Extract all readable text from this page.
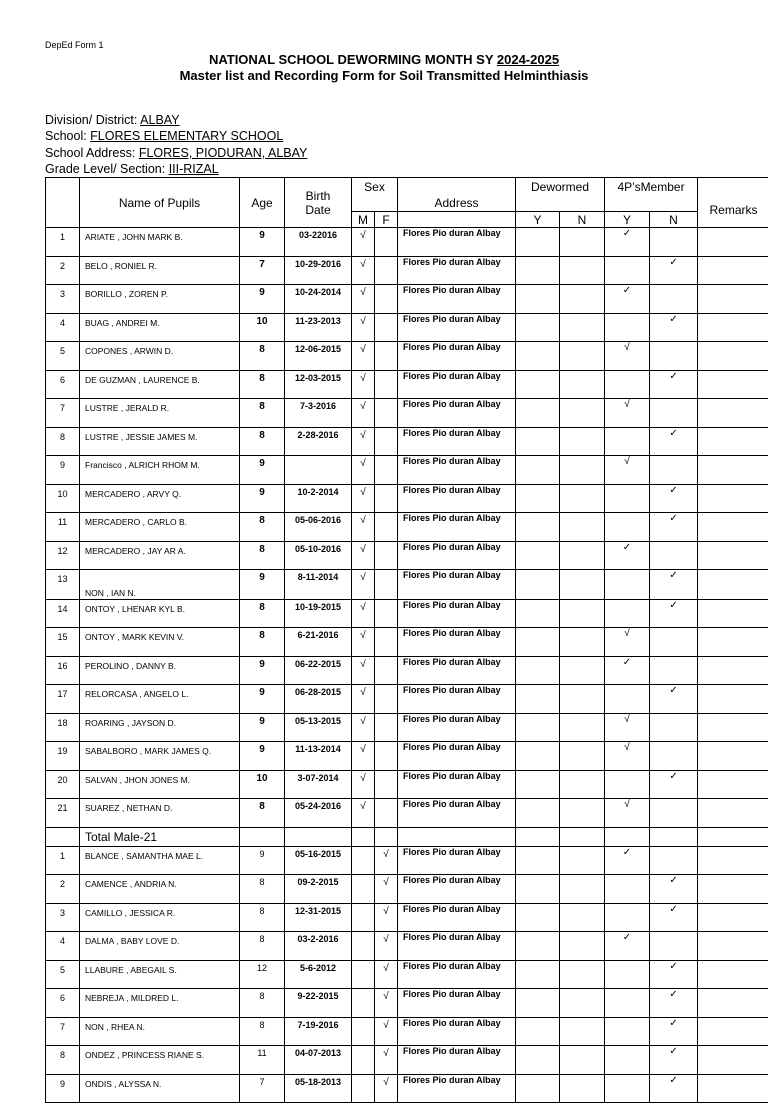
DepEd Form 1
NATIONAL SCHOOL DEWORMING MONTH SY 2024-2025
Master list and Recording Form for Soil Transmitted Helminthiasis
Division/ District: ALBAY
School: FLORES ELEMENTARY SCHOOL
School Address: FLORES, PIODURAN, ALBAY
Grade Level/ Section: III-RIZAL
	Name of Pupils	Age	Birth
Date	Sex		Address	Dewormed		4P’sMember		Remarks
				M	F		Y	N	Y	N	
1	ARIATE , JOHN MARK B.	9	03-22016	√		Flores Pio duran Albay			✓		
2	BELO , RONIEL R.	7	10-29-2016	√		Flores Pio duran Albay				✓	
3	BORILLO , ZOREN P.	9	10-24-2014	√		Flores Pio duran Albay			✓		
4	BUAG , ANDREI M.	10	11-23-2013	√		Flores Pio duran Albay				✓	
5	COPONES , ARWIN D.	8	12-06-2015	√		Flores Pio duran Albay			√		
6	DE GUZMAN , LAURENCE B.	8	12-03-2015	√		Flores Pio duran Albay				✓	
7	LUSTRE , JERALD R.	8	7-3-2016	√		Flores Pio duran Albay			√		
8	LUSTRE , JESSIE JAMES M.	8	2-28-2016	√		Flores Pio duran Albay				✓	
9	Francisco , ALRICH RHOM M.	9		√		Flores Pio duran Albay			√		
10	MERCADERO , ARVY Q.	9	10-2-2014	√		Flores Pio duran Albay				✓	
11	MERCADERO , CARLO B.	8	05-06-2016	√		Flores Pio duran Albay				✓	
12	MERCADERO , JAY AR A.	8	05-10-2016	√		Flores Pio duran Albay			✓		
13	NON , IAN N.	9	8-11-2014	√		Flores Pio duran Albay				✓	
14	ONTOY , LHENAR KYL B.	8	10-19-2015	√		Flores Pio duran Albay				✓	
15	ONTOY , MARK KEVIN V.	8	6-21-2016	√		Flores Pio duran Albay			√		
16	PEROLINO , DANNY B.	9	06-22-2015	√		Flores Pio duran Albay			✓		
17	RELORCASA , ANGELO L.	9	06-28-2015	√		Flores Pio duran Albay				✓	
18	ROARING , JAYSON D.	9	05-13-2015	√		Flores Pio duran Albay			√		
19	SABALBORO , MARK JAMES Q.	9	11-13-2014	√		Flores Pio duran Albay			√		
20	SALVAN , JHON JONES M.	10	3-07-2014	√		Flores Pio duran Albay				✓	
21	SUAREZ , NETHAN D.	8	05-24-2016	√		Flores Pio duran Albay			√		
	Total Male-21										
1	BLANCE , SAMANTHA MAE L.	9	05-16-2015		√	Flores Pio duran Albay			✓		
2	CAMENCE , ANDRIA N.	8	09-2-2015		√	Flores Pio duran Albay				✓	
3	CAMILLO , JESSICA R.	8	12-31-2015		√	Flores Pio duran Albay				✓	
4	DALMA , BABY LOVE D.	8	03-2-2016		√	Flores Pio duran Albay			✓		
5	LLABURE , ABEGAIL S.	12	5-6-2012		√	Flores Pio duran Albay				✓	
6	NEBREJA , MILDRED L.	8	9-22-2015		√	Flores Pio duran Albay				✓	
7	NON , RHEA N.	8	7-19-2016		√	Flores Pio duran Albay				✓	
8	ONDEZ , PRINCESS RIANE S.	11	04-07-2013		√	Flores Pio duran Albay				✓	
9	ONDIS , ALYSSA N.	7	05-18-2013		√	Flores Pio duran Albay				✓	
